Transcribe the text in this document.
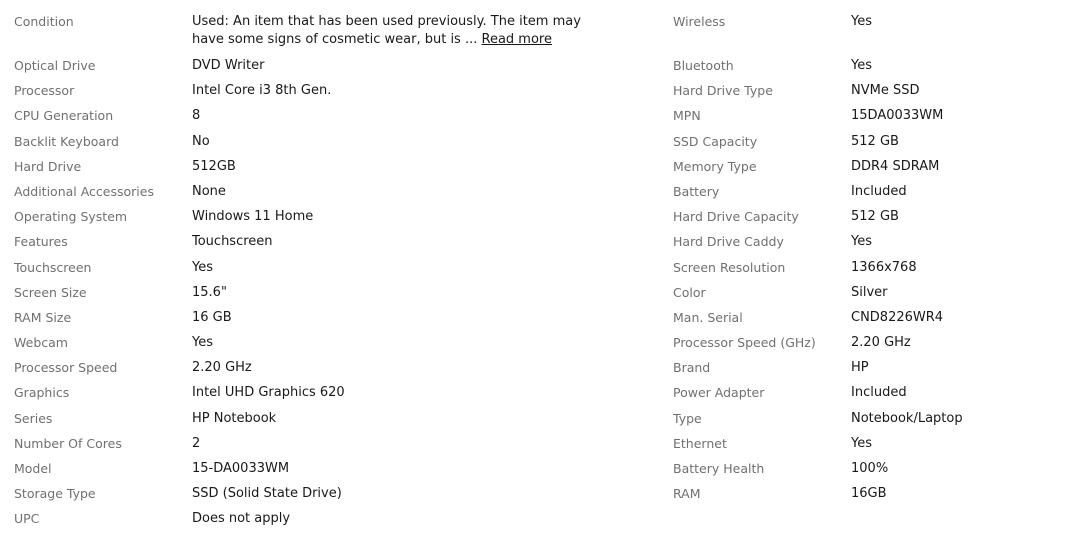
Condition	Used: An item that has been used previously. The item may have some signs of cosmetic wear, but is ... Read more
Optical Drive	DVD Writer
Processor	Intel Core i3 8th Gen.
CPU Generation	8
Backlit Keyboard	No
Hard Drive	512GB
Additional Accessories	None
Operating System	Windows 11 Home
Features	Touchscreen
Touchscreen	Yes
Screen Size	15.6"
RAM Size	16 GB
Webcam	Yes
Processor Speed	2.20 GHz
Graphics	Intel UHD Graphics 620
Series	HP Notebook
Number Of Cores	2
Model	15-DA0033WM
Storage Type	SSD (Solid State Drive)
UPC	Does not apply
Wireless	Yes
Bluetooth	Yes
Hard Drive Type	NVMe SSD
MPN	15DA0033WM
SSD Capacity	512 GB
Memory Type	DDR4 SDRAM
Battery	Included
Hard Drive Capacity	512 GB
Hard Drive Caddy	Yes
Screen Resolution	1366x768
Color	Silver
Man. Serial	CND8226WR4
Processor Speed (GHz)	2.20 GHz
Brand	HP
Power Adapter	Included
Type	Notebook/Laptop
Ethernet	Yes
Battery Health	100%
RAM	16GB
